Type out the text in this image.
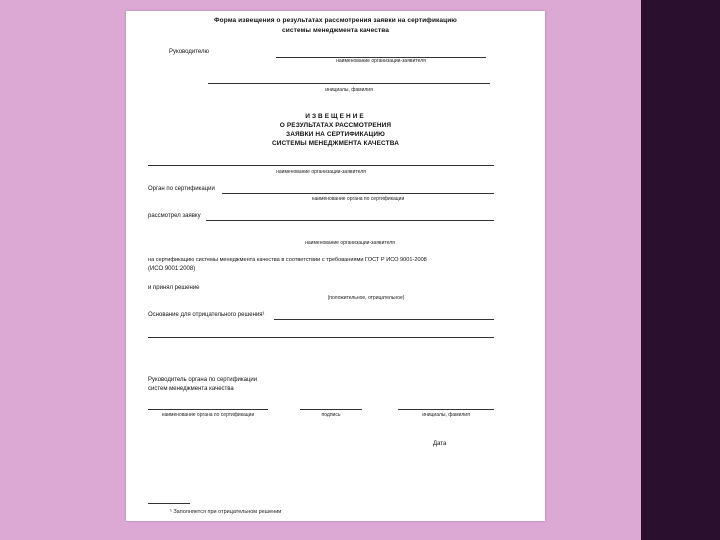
Форма извещения о результатах рассмотрения заявки на сертификацию
системы менеджмента качества
Руководителю
наименование организации-заявителя
инициалы, фамилия
ИЗВЕЩЕНИЕ
О РЕЗУЛЬТАТАХ РАССМОТРЕНИЯ
ЗАЯВКИ НА СЕРТИФИКАЦИЮ
СИСТЕМЫ МЕНЕДЖМЕНТА КАЧЕСТВА
наименование организации-заявителя
Орган по сертификации
наименование органа по сертификации
рассмотрел заявку
наименование организации-заявителя
на сертификацию системы менеджмента качества в соответствии с требованиями ГОСТ Р ИСО 9001-2008
(ИСО 9001:2008)
и принял решение
(положительное, отрицательное)
Основание для отрицательного решения¹
Руководитель органа по сертификации
систем менеджмента качества
наименование органа по сертификации	подпись	инициалы, фамилия
Дата
¹ Заполняется при отрицательном решении
